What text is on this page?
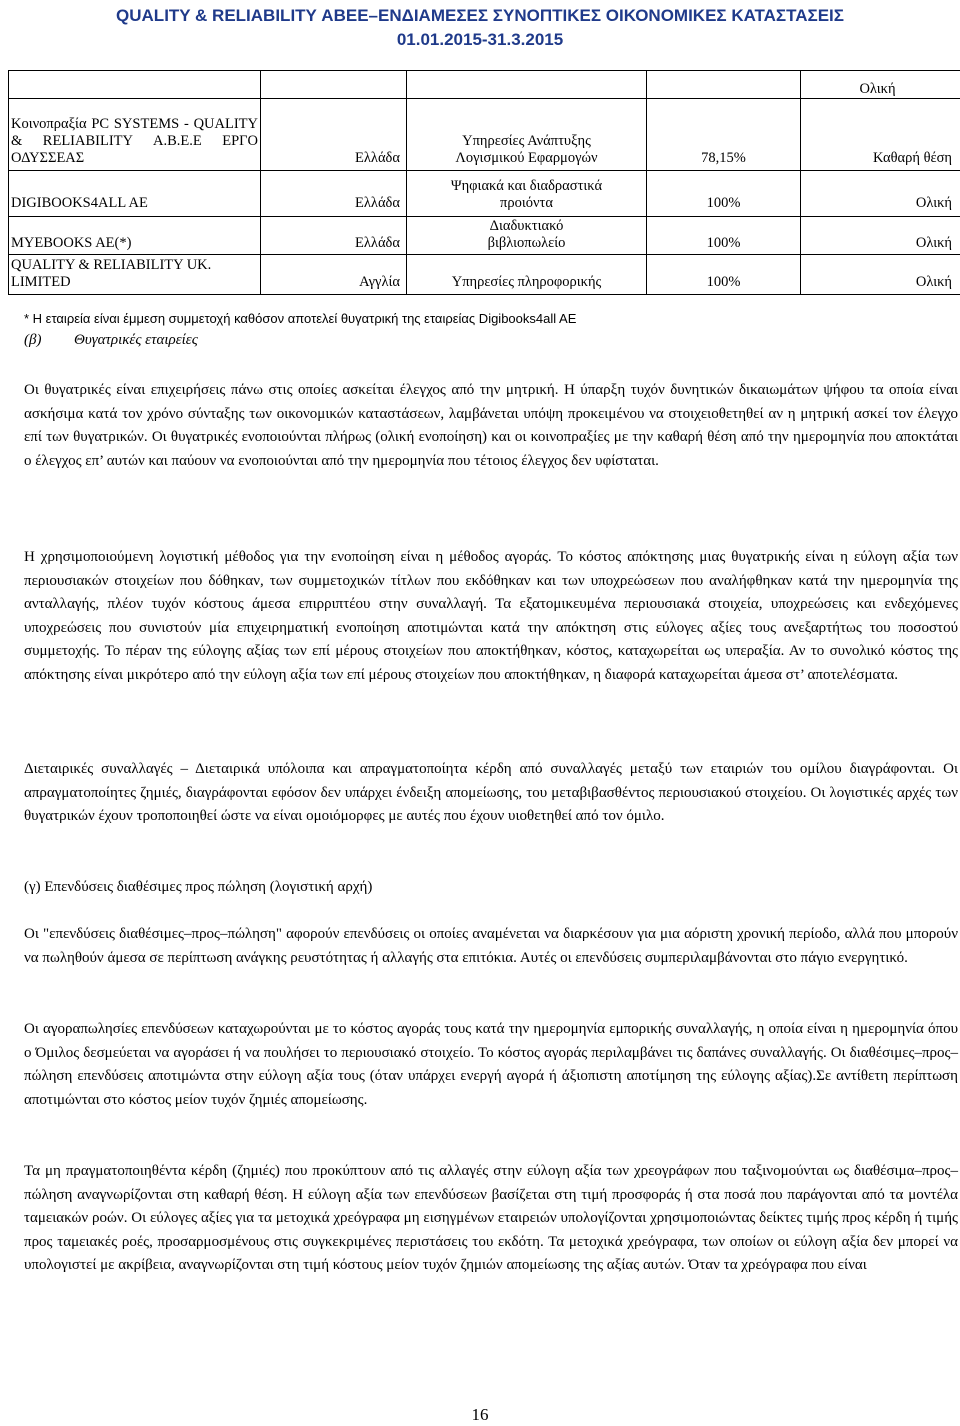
QUALITY & RELIABILITY ΑΒΕΕ–ΕΝΔΙΑΜΕΣΕΣ ΣΥΝΟΠΤΙΚΕΣ ΟΙΚΟΝΟΜΙΚΕΣ ΚΑΤΑΣΤΑΣΕΙΣ
01.01.2015-31.3.2015
				Ολική
Κοινοπραξία PC SYSTEMS - QUALITY & RELIABILITY Α.Β.Ε.Ε ΕΡΓΟ ΟΔΥΣΣΕΑΣ	Ελλάδα	Υπηρεσίες Ανάπτυξης Λογισμικού Εφαρμογών	78,15%	Καθαρή θέση
DIGIBOOKS4ALL AE	Ελλάδα	Ψηφιακά και διαδραστικά προιόντα	100%	Ολική
MYEBOOKS AE(*)	Ελλάδα	Διαδυκτιακό βιβλιοπωλείο	100%	Ολική
QUALITY & RELIABILITY UK. LIMITED	Αγγλία	Υπηρεσίες πληροφορικής	100%	Ολική
* Η εταιρεία είναι έμμεση συμμετοχή καθόσον αποτελεί θυγατρική της εταιρείας Digibooks4all AE
(β) Θυγατρικές εταιρείες

Οι θυγατρικές είναι επιχειρήσεις πάνω στις οποίες ασκείται έλεγχος από την μητρική. Η ύπαρξη τυχόν δυνητικών δικαιωμάτων ψήφου τα οποία είναι ασκήσιμα κατά τον χρόνο σύνταξης των οικονομικών καταστάσεων, λαμβάνεται υπόψη προκειμένου να στοιχειοθετηθεί αν η μητρική ασκεί τον έλεγχο επί των θυγατρικών. Οι θυγατρικές ενοποιούνται πλήρως (ολική ενοποίηση) και οι κοινοπραξίες με την καθαρή θέση από την ημερομηνία που αποκτάται ο έλεγχος επ’ αυτών και παύουν να ενοποιούνται από την ημερομηνία που τέτοιος έλεγχος δεν υφίσταται.

Η χρησιμοποιούμενη λογιστική μέθοδος για την ενοποίηση είναι η μέθοδος αγοράς. Το κόστος απόκτησης μιας θυγατρικής είναι η εύλογη αξία των περιουσιακών στοιχείων που δόθηκαν, των συμμετοχικών τίτλων που εκδόθηκαν και των υποχρεώσεων που αναλήφθηκαν κατά την ημερομηνία της ανταλλαγής, πλέον τυχόν κόστους άμεσα επιρριπτέου στην συναλλαγή. Τα εξατομικευμένα περιουσιακά στοιχεία, υποχρεώσεις και ενδεχόμενες υποχρεώσεις που συνιστούν μία επιχειρηματική ενοποίηση αποτιμώνται κατά την απόκτηση στις εύλογες αξίες τους ανεξαρτήτως του ποσοστού συμμετοχής. Το πέραν της εύλογης αξίας των επί μέρους στοιχείων που αποκτήθηκαν, κόστος, καταχωρείται ως υπεραξία. Αν το συνολικό κόστος της απόκτησης είναι μικρότερο από την εύλογη αξία των επί μέρους στοιχείων που αποκτήθηκαν, η διαφορά καταχωρείται άμεσα στ’ αποτελέσματα.

Διεταιρικές συναλλαγές – Διεταιρικά υπόλοιπα και απραγματοποίητα κέρδη από συναλλαγές μεταξύ των εταιριών του ομίλου διαγράφονται. Οι απραγματοποίητες ζημιές, διαγράφονται εφόσον δεν υπάρχει ένδειξη απομείωσης, του μεταβιβασθέντος περιουσιακού στοιχείου. Οι λογιστικές αρχές των θυγατρικών έχουν τροποποιηθεί ώστε να είναι ομοιόμορφες με αυτές που έχουν υιοθετηθεί από τον όμιλο.

(γ) Επενδύσεις διαθέσιμες προς πώληση (λογιστική αρχή)

Οι "επενδύσεις διαθέσιμες–προς–πώληση" αφορούν επενδύσεις οι οποίες αναμένεται να διαρκέσουν για μια αόριστη χρονική περίοδο, αλλά που μπορούν να πωληθούν άμεσα σε περίπτωση ανάγκης ρευστότητας ή αλλαγής στα επιτόκια. Αυτές οι επενδύσεις συμπεριλαμβάνονται στο πάγιο ενεργητικό.

Οι αγοραπωλησίες επενδύσεων καταχωρούνται με το κόστος αγοράς τους κατά την ημερομηνία εμπορικής συναλλαγής, η οποία είναι η ημερομηνία όπου ο Όμιλος δεσμεύεται να αγοράσει ή να πουλήσει το περιουσιακό στοιχείο. Το κόστος αγοράς περιλαμβάνει τις δαπάνες συναλλαγής. Οι διαθέσιμες–προς–πώληση επενδύσεις αποτιμώντα στην εύλογη αξία τους (όταν υπάρχει ενεργή αγορά ή άξιοπιστη αποτίμηση της εύλογης αξίας).Σε αντίθετη περίπτωση αποτιμώνται στο κόστος μείον τυχόν ζημιές απομείωσης.

Τα μη πραγματοποιηθέντα κέρδη (ζημιές) που προκύπτουν από τις αλλαγές στην εύλογη αξία των χρεογράφων που ταξινομούνται ως διαθέσιμα–προς–πώληση αναγνωρίζονται στη καθαρή θέση. Η εύλογη αξία των επενδύσεων βασίζεται στη τιμή προσφοράς ή στα ποσά που παράγονται από τα μοντέλα ταμειακών ροών. Οι εύλογες αξίες για τα μετοχικά χρεόγραφα μη εισηγμένων εταιρειών υπολογίζονται χρησιμοποιώντας δείκτες τιμής προς κέρδη ή τιμής προς ταμειακές ροές, προσαρμοσμένους στις συγκεκριμένες περιστάσεις του εκδότη. Τα μετοχικά χρεόγραφα, των οποίων οι εύλογη αξία δεν μπορεί να υπολογιστεί με ακρίβεια, αναγνωρίζονται στη τιμή κόστους μείον τυχόν ζημιών απομείωσης της αξίας αυτών. Όταν τα χρεόγραφα που είναι

16
